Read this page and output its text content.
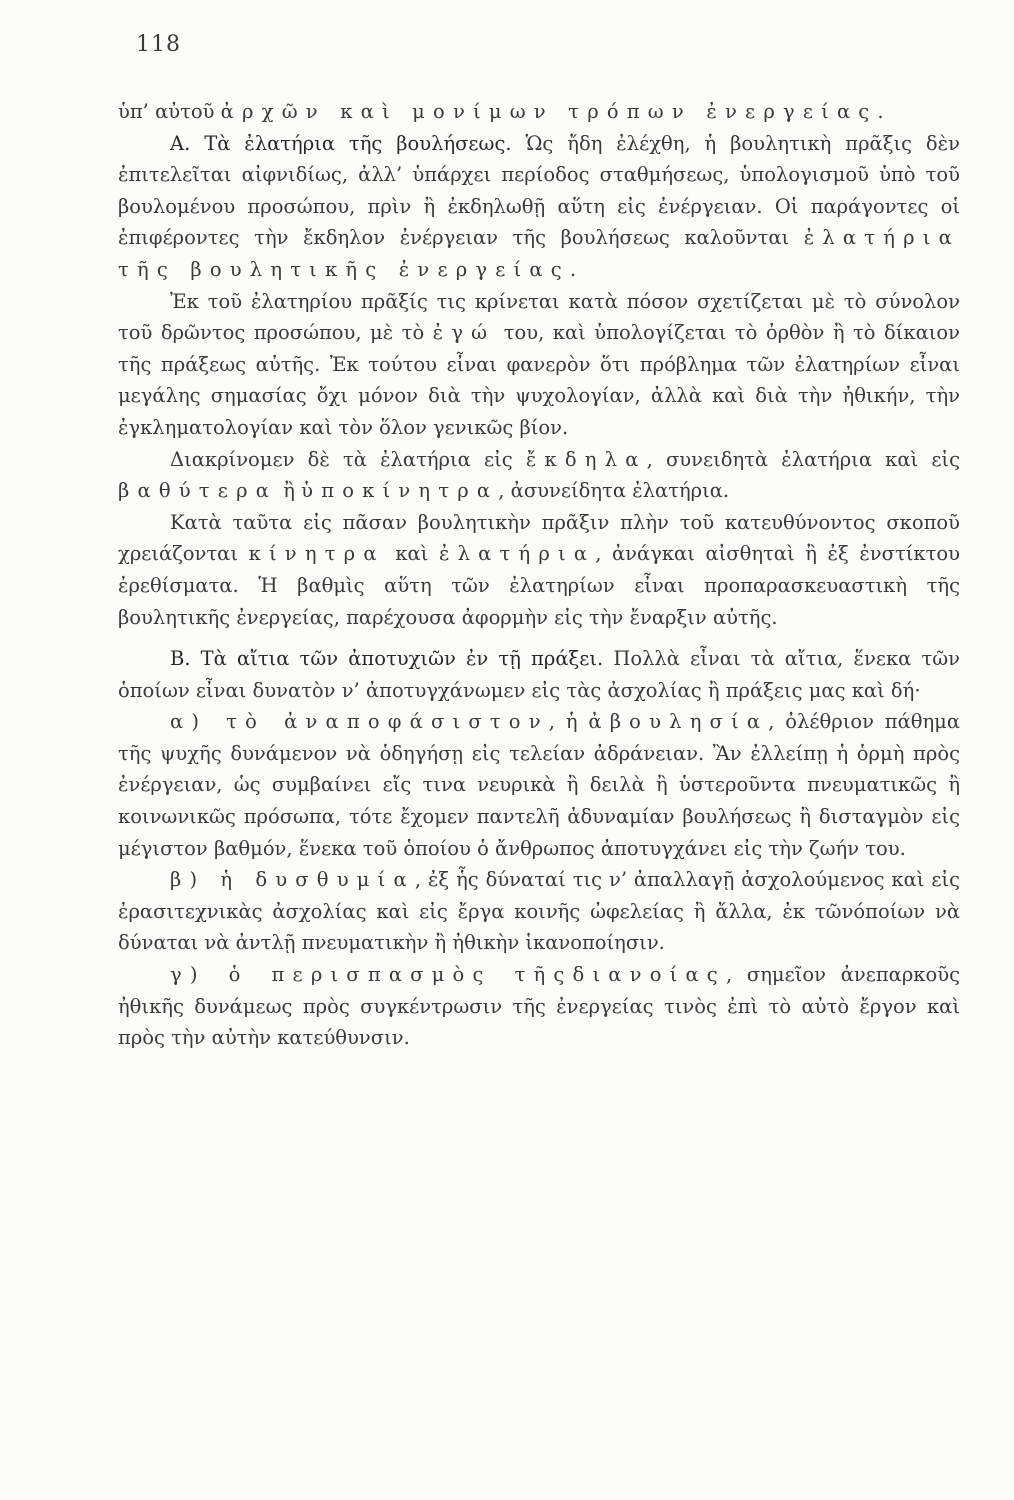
118

ὑπ’ αὐτοῦ ἀρχῶν καὶ μονίμων τρόπων ἐνεργείας.

Α. Τὰ ἐλατήρια τῆς βουλήσεως. Ὡς ἤδη ἐλέχθη, ἡ βουλητικὴ πρᾶξις δὲν ἐπιτελεῖται αἰφνιδίως, ἀλλ’ ὑπάρχει περίοδος σταθμήσεως, ὑπολογισμοῦ ὑπὸ τοῦ βουλομένου προσώπου, πρὶν ἢ ἐκδηλωθῇ αὕτη εἰς ἐνέργειαν. Οἱ παράγοντες οἱ ἐπιφέροντες τὴν ἔκδηλον ἐνέργειαν τῆς βουλήσεως καλοῦνται ἐλατήρια τῆς βουλητικῆς ἐνεργείας.

Ἐκ τοῦ ἐλατηρίου πρᾶξίς τις κρίνεται κατὰ πόσον σχετίζεται μὲ τὸ σύνολον τοῦ δρῶντος προσώπου, μὲ τὸ ἐγώ του, καὶ ὑπολογίζεται τὸ ὀρθὸν ἢ τὸ δίκαιον τῆς πράξεως αὐτῆς. Ἐκ τούτου εἶναι φανερὸν ὅτι πρόβλημα τῶν ἐλατηρίων εἶναι μεγάλης σημασίας ὄχι μόνον διὰ τὴν ψυχολογίαν, ἀλλὰ καὶ διὰ τὴν ἠθικήν, τὴν ἐγκληματολογίαν καὶ τὸν ὅλον γενικῶς βίον.

Διακρίνομεν δὲ τὰ ἐλατήρια εἰς ἔκδηλα, συνειδητὰ ἐλατήρια καὶ εἰς βαθύτερα ἢ ὑποκίνητρα, ἀσυνείδητα ἐλατήρια.

Κατὰ ταῦτα εἰς πᾶσαν βουλητικὴν πρᾶξιν πλὴν τοῦ κατευθύνοντος σκοποῦ χρειάζονται κίνητρα καὶ ἐλατήρια, ἀνάγκαι αἰσθηταὶ ἢ ἐξ ἐνστίκτου ἐρεθίσματα. Ἡ βαθμὶς αὕτη τῶν ἐλατηρίων εἶναι προπαρασκευαστικὴ τῆς βουλητικῆς ἐνεργείας, παρέχουσα ἀφορμὴν εἰς τὴν ἔναρξιν αὐτῆς.

Β. Τὰ αἴτια τῶν ἀποτυχιῶν ἐν τῇ πράξει. Πολλὰ εἶναι τὰ αἴτια, ἕνεκα τῶν ὁποίων εἶναι δυνατὸν ν’ ἀποτυγχάνωμεν εἰς τὰς ἀσχολίας ἢ πράξεις μας καὶ δή·

α) τὸ ἀναποφάσιστον, ἡ ἀβουλησία, ὀλέθριον πάθημα τῆς ψυχῆς δυνάμενον νὰ ὁδηγήσῃ εἰς τελείαν ἀδράνειαν. Ἂν ἐλλείπῃ ἡ ὁρμὴ πρὸς ἐνέργειαν, ὡς συμβαίνει εἴς τινα νευρικὰ ἢ δειλὰ ἢ ὑστεροῦντα πνευματικῶς ἢ κοινωνικῶς πρόσωπα, τότε ἔχομεν παντελῆ ἀδυναμίαν βουλήσεως ἢ δισταγμὸν εἰς μέγιστον βαθμόν, ἕνεκα τοῦ ὁποίου ὁ ἄνθρωπος ἀποτυγχάνει εἰς τὴν ζωήν του.

β) ἡ δυσθυμία, ἐξ ἧς δύναταί τις ν’ ἀπαλλαγῇ ἀσχολούμενος καὶ εἰς ἐρασιτεχνικὰς ἀσχολίας καὶ εἰς ἔργα κοινῆς ὠφελείας ἢ ἄλλα, ἐκ τῶνόποίων νὰ δύναται νὰ ἀντλῇ πνευματικὴν ἢ ἠθικὴν ἱκανοποίησιν.

γ) ὁ περισπασμὸς τῆςδιανοίας, σημεῖον ἀνεπαρκοῦς ἠθικῆς δυνάμεως πρὸς συγκέντρωσιν τῆς ἐνεργείας τινὸς ἐπὶ τὸ αὐτὸ ἔργον καὶ πρὸς τὴν αὐτὴν κατεύθυνσιν.
